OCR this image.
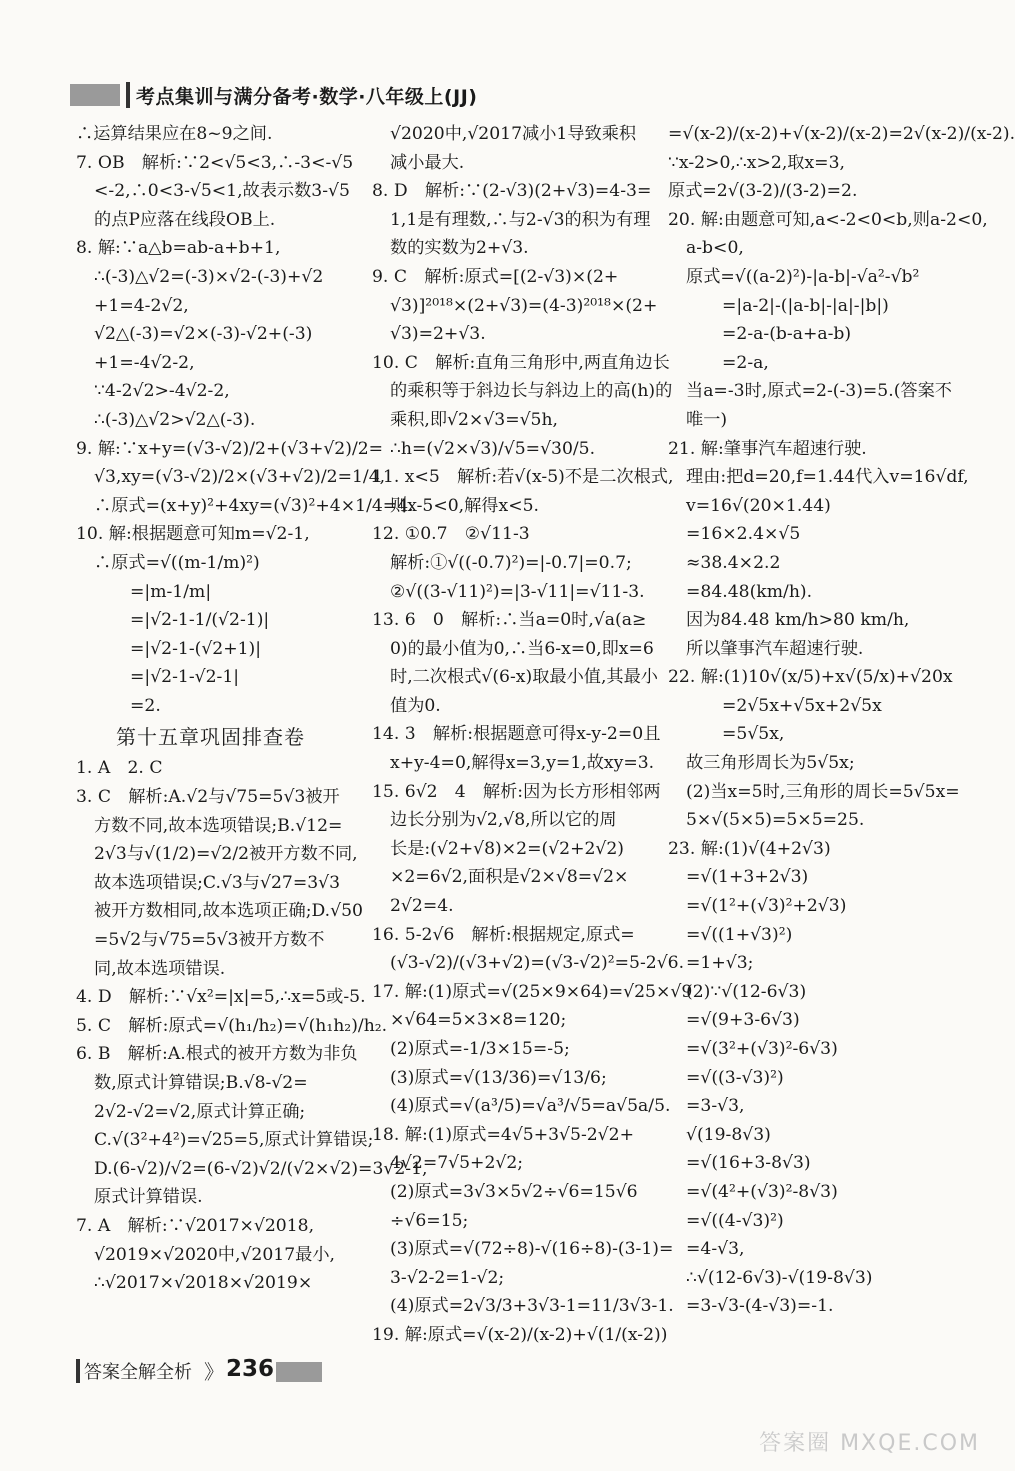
考点集训与满分备考·数学·八年级上(JJ)
∴运算结果应在8~9之间.
7. OB　解析:∵2<√5<3,∴-3<-√5
<-2,∴0<3-√5<1,故表示数3-√5
的点P应落在线段OB上.
8. 解:∵a△b=ab-a+b+1,
∴(-3)△√2=(-3)×√2-(-3)+√2
+1=4-2√2,
√2△(-3)=√2×(-3)-√2+(-3)
+1=-4√2-2,
∵4-2√2>-4√2-2,
∴(-3)△√2>√2△(-3).
9. 解:∵x+y=(√3-√2)/2+(√3+√2)/2=
√3,xy=(√3-√2)/2×(√3+√2)/2=1/4,
∴原式=(x+y)²+4xy=(√3)²+4×1/4=4.
10. 解:根据题意可知m=√2-1,
∴原式=√((m-1/m)²)
=|m-1/m|
=|√2-1-1/(√2-1)|
=|√2-1-(√2+1)|
=|√2-1-√2-1|
=2.
第十五章巩固排查卷
1. A　2. C
3. C　解析:A.√2与√75=5√3被开
方数不同,故本选项错误;B.√12=
2√3与√(1/2)=√2/2被开方数不同,
故本选项错误;C.√3与√27=3√3
被开方数相同,故本选项正确;D.√50
=5√2与√75=5√3被开方数不
同,故本选项错误.
4. D　解析:∵√x²=|x|=5,∴x=5或-5.
5. C　解析:原式=√(h₁/h₂)=√(h₁h₂)/h₂.
6. B　解析:A.根式的被开方数为非负
数,原式计算错误;B.√8-√2=
2√2-√2=√2,原式计算正确;
C.√(3²+4²)=√25=5,原式计算错误;
D.(6-√2)/√2=(6-√2)√2/(√2×√2)=3√2-1,
原式计算错误.
7. A　解析:∵√2017×√2018,
√2019×√2020中,√2017最小,
∴√2017×√2018×√2019×
√2020中,√2017减小1导致乘积
减小最大.
8. D　解析:∵(2-√3)(2+√3)=4-3=
1,1是有理数,∴与2-√3的积为有理
数的实数为2+√3.
9. C　解析:原式=[(2-√3)×(2+
√3)]²⁰¹⁸×(2+√3)=(4-3)²⁰¹⁸×(2+
√3)=2+√3.
10. C　解析:直角三角形中,两直角边长
的乘积等于斜边长与斜边上的高(h)的
乘积,即√2×√3=√5h,
∴h=(√2×√3)/√5=√30/5.
11. x<5　解析:若√(x-5)不是二次根式,
则x-5<0,解得x<5.
12. ①0.7　②√11-3
解析:①√((-0.7)²)=|-0.7|=0.7;
②√((3-√11)²)=|3-√11|=√11-3.
13. 6　0　解析:∴当a=0时,√a(a≥
0)的最小值为0,∴当6-x=0,即x=6
时,二次根式√(6-x)取最小值,其最小
值为0.
14. 3　解析:根据题意可得x-y-2=0且
x+y-4=0,解得x=3,y=1,故xy=3.
15. 6√2　4　解析:因为长方形相邻两
边长分别为√2,√8,所以它的周
长是:(√2+√8)×2=(√2+2√2)
×2=6√2,面积是√2×√8=√2×
2√2=4.
16. 5-2√6　解析:根据规定,原式=
(√3-√2)/(√3+√2)=(√3-√2)²=5-2√6.
17. 解:(1)原式=√(25×9×64)=√25×√9
×√64=5×3×8=120;
(2)原式=-1/3×15=-5;
(3)原式=√(13/36)=√13/6;
(4)原式=√(a³/5)=√a³/√5=a√5a/5.
18. 解:(1)原式=4√5+3√5-2√2+
4√2=7√5+2√2;
(2)原式=3√3×5√2÷√6=15√6
÷√6=15;
(3)原式=√(72÷8)-√(16÷8)-(3-1)=
3-√2-2=1-√2;
(4)原式=2√3/3+3√3-1=11/3√3-1.
19. 解:原式=√(x-2)/(x-2)+√(1/(x-2))
=√(x-2)/(x-2)+√(x-2)/(x-2)=2√(x-2)/(x-2).
∵x-2>0,∴x>2,取x=3,
原式=2√(3-2)/(3-2)=2.
20. 解:由题意可知,a<-2<0<b,则a-2<0,
a-b<0,
原式=√((a-2)²)-|a-b|-√a²-√b²
=|a-2|-(|a-b|-|a|-|b|)
=2-a-(b-a+a-b)
=2-a,
当a=-3时,原式=2-(-3)=5.(答案不
唯一)
21. 解:肇事汽车超速行驶.
理由:把d=20,f=1.44代入v=16√df,
v=16√(20×1.44)
=16×2.4×√5
≈38.4×2.2
=84.48(km/h).
因为84.48 km/h>80 km/h,
所以肇事汽车超速行驶.
22. 解:(1)10√(x/5)+x√(5/x)+√20x
=2√5x+√5x+2√5x
=5√5x,
故三角形周长为5√5x;
(2)当x=5时,三角形的周长=5√5x=
5×√(5×5)=5×5=25.
23. 解:(1)√(4+2√3)
=√(1+3+2√3)
=√(1²+(√3)²+2√3)
=√((1+√3)²)
=1+√3;
(2)∵√(12-6√3)
=√(9+3-6√3)
=√(3²+(√3)²-6√3)
=√((3-√3)²)
=3-√3,
√(19-8√3)
=√(16+3-8√3)
=√(4²+(√3)²-8√3)
=√((4-√3)²)
=4-√3,
∴√(12-6√3)-√(19-8√3)
=3-√3-(4-√3)=-1.
答案全解全析 》 236
答案圈 MXQE.COM
